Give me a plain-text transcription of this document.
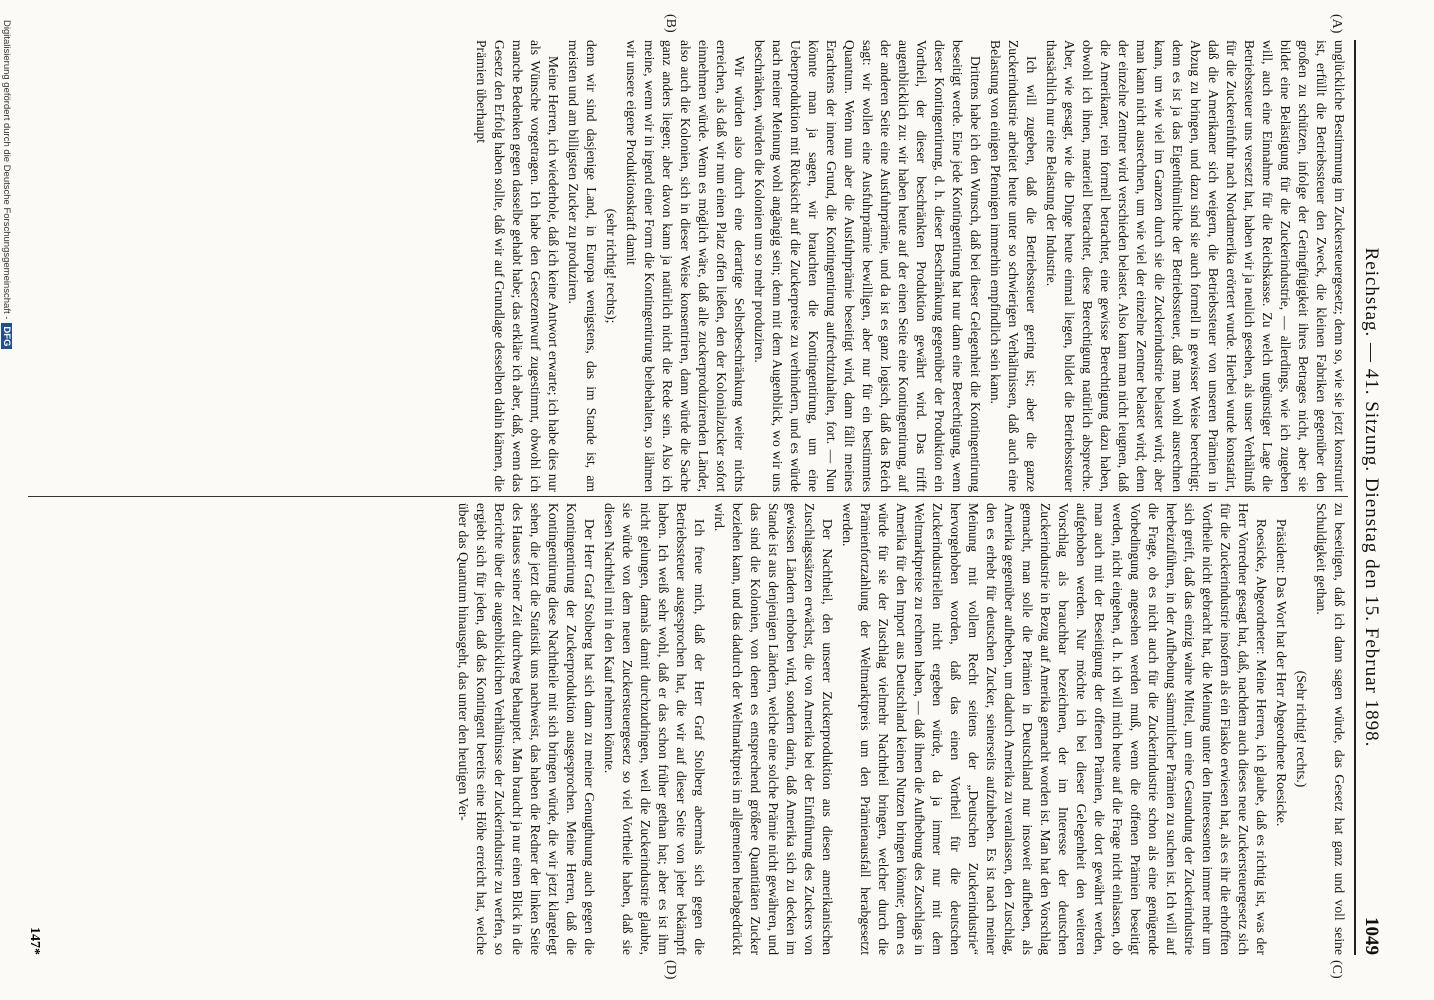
Reichstag. — 41. Sitzung. Dienstag den 15. Februar 1898.
1049
(A)
(B)
(C)
(D)

unglückliche Bestimmung im Zuckersteuergesetz; denn so, wie sie jetzt konstruirt ist, erfüllt die Betriebssteuer den Zweck, die kleinen Fabriken gegenüber den großen zu schützen, infolge der Geringfügigkeit ihres Betrages nicht, aber sie bildet eine Belästigung für die Zuckerindustrie, — allerdings, wie ich zugeben will, auch eine Einnahme für die Reichskasse. Zu welch ungünstiger Lage die Betriebssteuer uns versetzt hat, haben wir ja neulich gesehen, als unser Verhältniß für die Zuckereinfuhr nach Nordamerika erörtert wurde. Hierbei wurde konstatirt, daß die Amerikaner sich weigern, die Betriebssteuer von unseren Prämien in Abzug zu bringen, und dazu sind sie auch formell in gewisser Weise berechtigt; denn es ist ja das Eigenthümliche der Betriebssteuer, daß man wohl ausrechnen kann, um wie viel im Ganzen durch sie die Zuckerindustrie belastet wird; aber man kann nicht ausrechnen, um wie viel der einzelne Zentner belastet wird; denn der einzelne Zentner wird verschieden belastet. Also kann man nicht leugnen, daß die Amerikaner, rein formell betrachtet, eine gewisse Berechtigung dazu haben, obwohl ich ihnen, materiell betrachtet, diese Berechtigung natürlich abspreche. Aber, wie gesagt, wie die Dinge heute einmal liegen, bildet die Betriebssteuer thatsächlich nur eine Belastung der Industrie.

Ich will zugeben, daß die Betriebssteuer gering ist; aber die ganze Zuckerindustrie arbeitet heute unter so schwierigen Verhältnissen, daß auch eine Belastung von einigen Pfennigen immerhin empfindlich sein kann.

Drittens habe ich den Wunsch, daß bei dieser Gelegenheit die Kontingentirung beseitigt werde. Eine jede Kontingentirung hat nur dann eine Berechtigung, wenn dieser Kontingentirung, d. h. dieser Beschränkung gegenüber der Produktion ein Vortheil, der dieser beschränkten Produktion gewährt wird. Das trifft augenblicklich zu: wir haben heute auf der einen Seite eine Kontingentirung, auf der anderen Seite eine Ausfuhrprämie, und da ist es ganz logisch, daß das Reich sagt: wir wollen eine Ausfuhrprämie bewilligen, aber nur für ein bestimmtes Quantum. Wenn nun aber die Ausfuhrprämie beseitigt wird, dann fällt meines Erachtens der innere Grund, die Kontingentirung aufrechtzuhalten, fort. — Nun könnte man ja sagen, wir brauchten die Kontingentirung, um eine Ueberproduktion mit Rücksicht auf die Zuckerpreise zu verhindern, und es würde nach meiner Meinung wohl angängig sein; denn mit dem Augenblick, wo wir uns beschränken, würden die Kolonien um so mehr produziren.

Wir würden also durch eine derartige Selbstbeschränkung weiter nichts erreichen, als daß wir nun einen Platz offen ließen, den der Kolonialzucker sofort einnehmen würde. Wenn es möglich wäre, daß alle zuckerproduzirenden Länder, also auch die Kolonien, sich in dieser Weise konsentriren, dann würde die Sache ganz anders liegen; aber davon kann ja natürlich nicht die Rede sein. Also ich meine, wenn wir in irgend einer Form die Kontingentirung beibehalten, so lähmen wir unsere eigene Produktionskraft damit

(sehr richtig! rechts);

denn wir sind dasjenige Land, in Europa wenigstens, das im Stande ist, am meisten und am billigsten Zucker zu produziren.

Meine Herren, ich wiederhole, daß ich keine Antwort erwarte; ich habe dies nur als Wünsche vorgetragen. Ich habe den Gesetzentwurf zugestimmt, obwohl ich manche Bedenken gegen dasselbe gehabt habe; das erkläre ich aber, daß, wenn das Gesetz den Erfolg haben sollte, daß wir auf Grundlage desselben dahin kämen, die Prämien überhaupt

zu beseitigen, daß ich dann sagen würde, das Gesetz hat ganz und voll seine Schuldigkeit gethan.

(Sehr richtig! rechts.)

Präsident: Das Wort hat der Herr Abgeordnete Roesicke.

Roesicke, Abgeordneter: Meine Herren, ich glaube, daß es richtig ist, was der Herr Vorredner gesagt hat, daß, nachdem auch dieses neue Zuckersteuergesetz sich für die Zuckerindustrie insofern als ein Fiasko erwiesen hat, als es ihr die erhofften Vortheile nicht gebracht hat, die Meinung unter den Interessenten immer mehr um sich greift, daß das einzig wahre Mittel, um eine Gesundung der Zuckerindustrie herbeizuführen, in der Aufhebung sämmtlicher Prämien zu suchen ist. Ich will auf die Frage, ob es nicht auch für die Zuckerindustrie schon als eine genügende Vorbedingung angesehen werden muß, wenn die offenen Prämien beseitigt werden, nicht eingehen, d. h. ich will mich heute auf die Frage nicht einlassen, ob man auch mit der Beseitigung der offenen Prämien, die dort gewährt werden, aufgehoben werden. Nur möchte ich bei dieser Gelegenheit den weiteren Vorschlag als brauchbar bezeichnen, der im Interesse der deutschen Zuckerindustrie in Bezug auf Amerika gemacht worden ist. Man hat den Vorschlag gemacht, man solle die Prämien in Deutschland nur insoweit aufheben, als Amerika gegenüber aufheben, um dadurch Amerika zu veranlassen, den Zuschlag, den es erhebt für deutschen Zucker, seinerseits aufzuheben. Es ist nach meiner Meinung mit vollem Recht seitens der „Deutschen Zuckerindustrie“ hervorgehoben worden, daß das einen Vortheil für die deutschen Zuckerindustriellen nicht ergeben würde, da ja immer nur mit dem Weltmarktpreise zu rechnen haben, — daß ihnen die Aufhebung des Zuschlags in Amerika für den Import aus Deutschland keinen Nutzen bringen könnte; denn es würde für sie der Zuschlag vielmehr Nachtheil bringen, welcher durch die Prämienfortzahlung der Weltmarktpreis um den Prämienausfall herabgesetzt werden.

Der Nachtheil, den unserer Zuckerproduktion aus diesen amerikanischen Zuschlagssätzen erwächst, die von Amerika bei der Einführung des Zuckers von gewissen Ländern erhoben wird, sondern darin, daß Amerika sich zu decken im Stande ist aus denjenigen Ländern, welche eine solche Prämie nicht gewähren, und das sind die Kolonien, von denen es entsprechend größere Quantitäten Zucker beziehen kann, und das dadurch der Weltmarktpreis im allgemeinen herabgedrückt wird.

Ich freue mich, daß der Herr Graf Stolberg abermals sich gegen die Betriebssteuer ausgesprochen hat, die wir auf dieser Seite von jeher bekämpft haben. Ich weiß sehr wohl, daß er das schon früher gethan hat; aber es ist ihm nicht gelungen, damals damit durchzudringen, weil die Zuckerindustrie glaubte, sie würde von dem neuen Zuckersteuergesetz so viel Vortheile haben, daß sie diesen Nachtheil mit in den Kauf nehmen könnte.

Der Herr Graf Stolberg hat sich dann zu meiner Genugthuung auch gegen die Kontingentirung der Zuckerproduktion ausgesprochen. Meine Herren, daß die Kontingentirung diese Nachtheile mit sich bringen würde, die wir jetzt klargelegt sehen, die jetzt die Statistik uns nachweist, das haben die Redner der linken Seite des Hauses seiner Zeit durchweg behauptet. Man braucht ja nur einen Blick in die Berichte über die augenblicklichen Verhältnisse der Zuckerindustrie zu werfen, so ergiebt sich für jeden, daß das Kontingent bereits eine Höhe erreicht hat, welche über das Quantum hinausgeht, das unter den heutigen Ver-

147*
Digitalisierung gefördert durch die Deutsche Forschungsgemeinschaft -DFG
